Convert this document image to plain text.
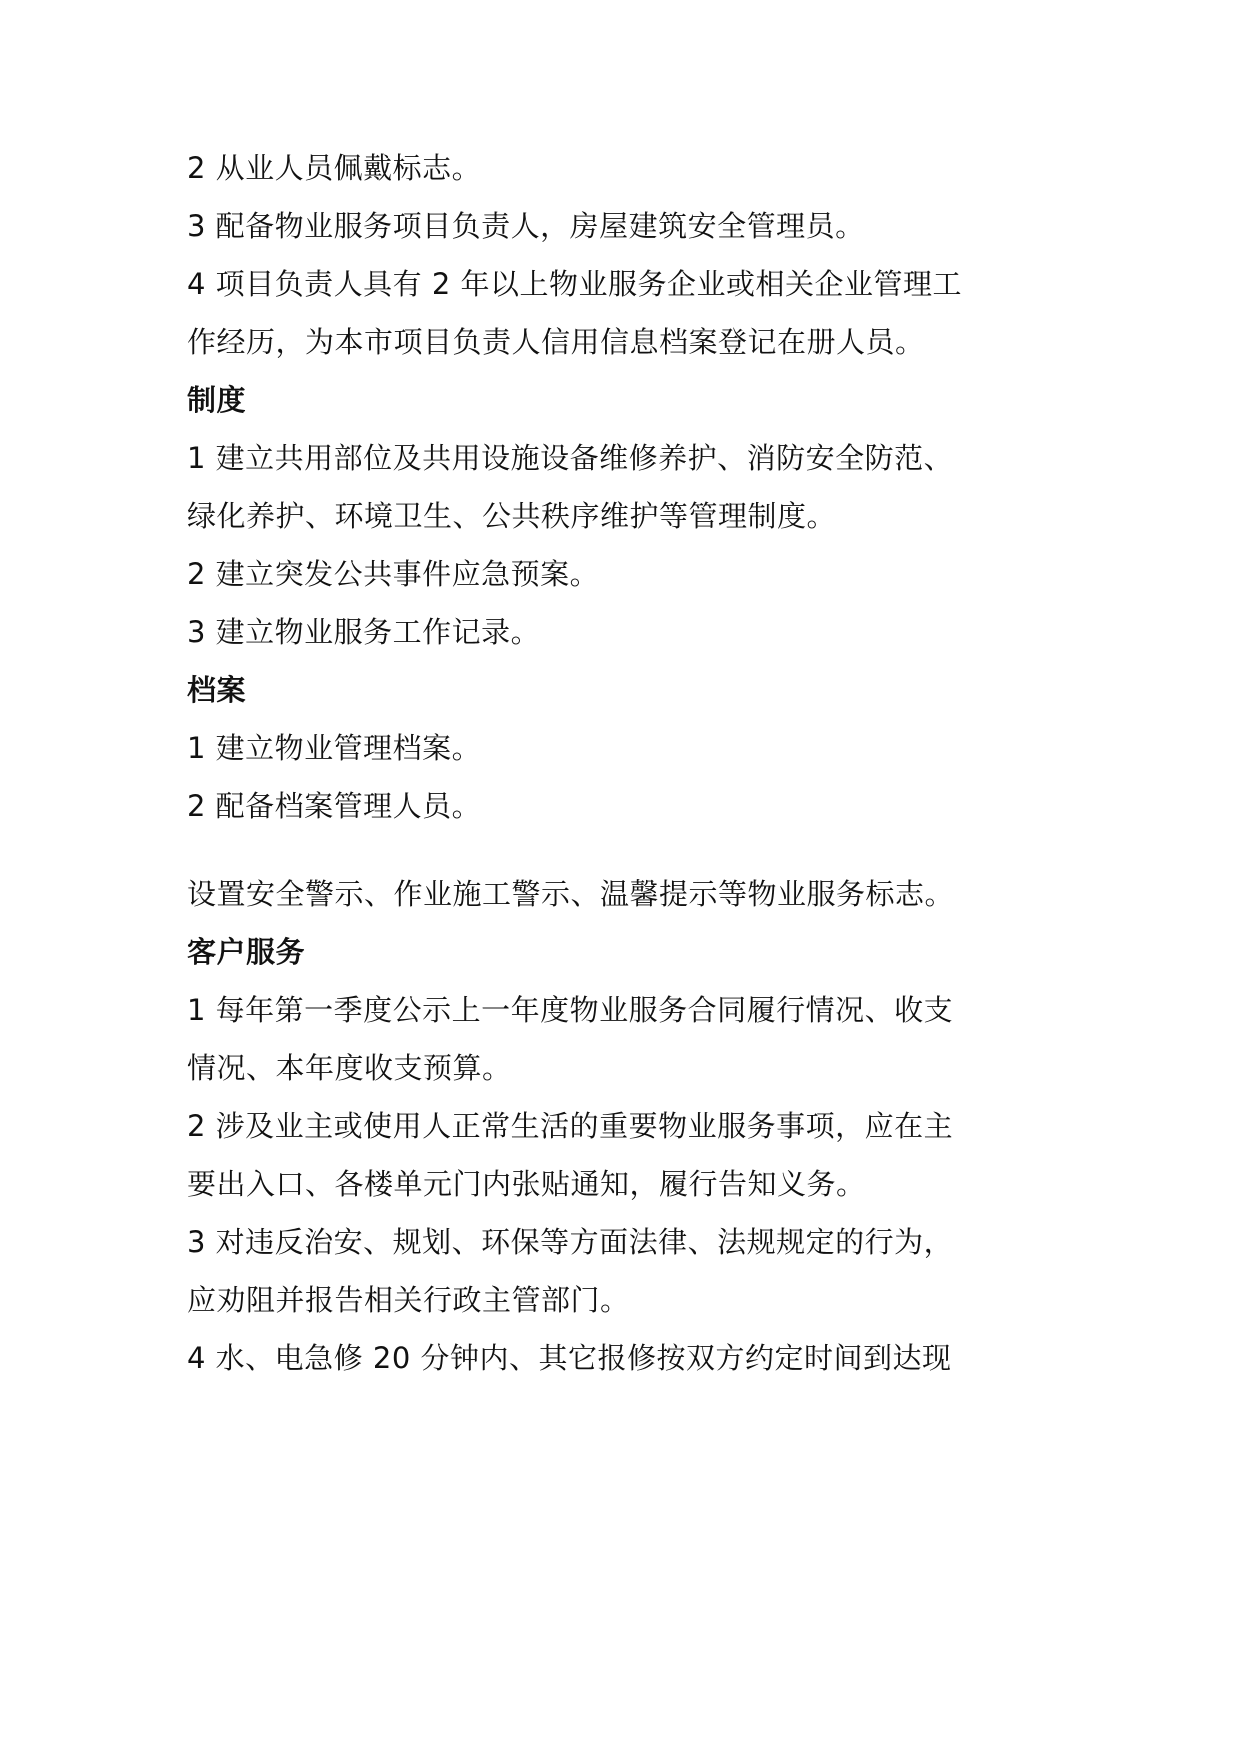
2 从业人员佩戴标志。
3 配备物业服务项目负责人，房屋建筑安全管理员。
4 项目负责人具有 2 年以上物业服务企业或相关企业管理工
作经历，为本市项目负责人信用信息档案登记在册人员。
制度
1 建立共用部位及共用设施设备维修养护、消防安全防范、
绿化养护、环境卫生、公共秩序维护等管理制度。
2 建立突发公共事件应急预案。
3 建立物业服务工作记录。
档案
1 建立物业管理档案。
2 配备档案管理人员。
设置安全警示、作业施工警示、温馨提示等物业服务标志。
客户服务
1 每年第一季度公示上一年度物业服务合同履行情况、收支
情况、本年度收支预算。
2 涉及业主或使用人正常生活的重要物业服务事项，应在主
要出入口、各楼单元门内张贴通知，履行告知义务。
3 对违反治安、规划、环保等方面法律、法规规定的行为，
应劝阻并报告相关行政主管部门。
4 水、电急修 20 分钟内、其它报修按双方约定时间到达现
